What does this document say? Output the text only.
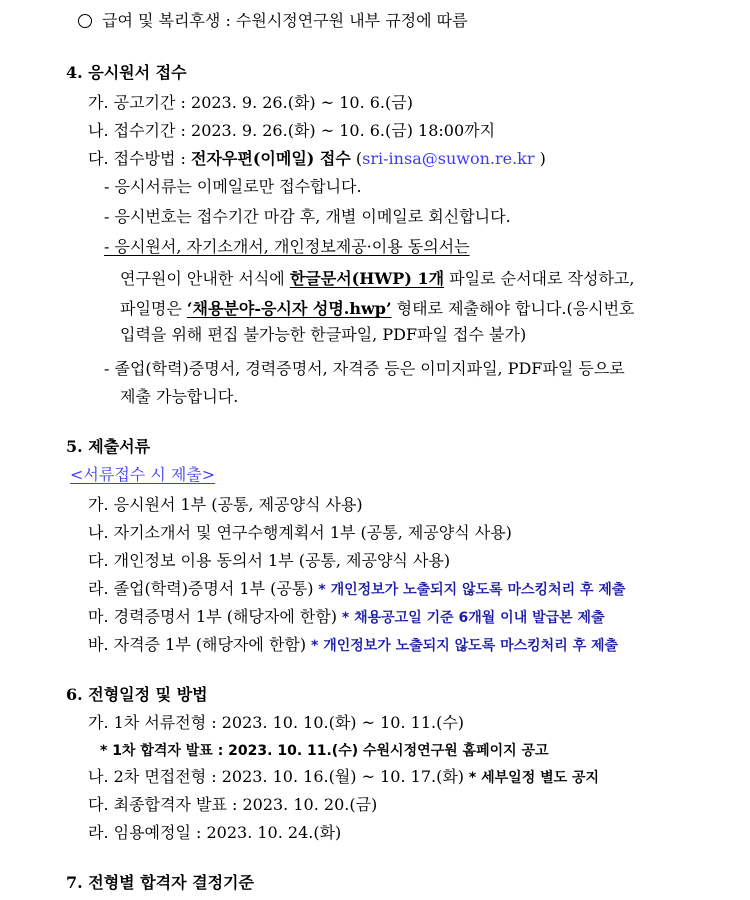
급여 및 복리후생 : 수원시정연구원 내부 규정에 따름
4. 응시원서 접수
가. 공고기간 : 2023. 9. 26.(화) ~ 10. 6.(금)
나. 접수기간 : 2023. 9. 26.(화) ~ 10. 6.(금) 18:00까지
다. 접수방법 : 전자우편(이메일) 접수 (sri-insa@suwon.re.kr )
- 응시서류는 이메일로만 접수합니다.
- 응시번호는 접수기간 마감 후, 개별 이메일로 회신합니다.
- 응시원서, 자기소개서, 개인정보제공·이용 동의서는
연구원이 안내한 서식에 한글문서(HWP) 1개 파일로 순서대로 작성하고,
파일명은 ‘채용분야-응시자 성명.hwp’ 형태로 제출해야 합니다.(응시번호
입력을 위해 편집 불가능한 한글파일, PDF파일 접수 불가)
- 졸업(학력)증명서, 경력증명서, 자격증 등은 이미지파일, PDF파일 등으로
제출 가능합니다.
5. 제출서류
<서류접수 시 제출>
가. 응시원서 1부 (공통, 제공양식 사용)
나. 자기소개서 및 연구수행계획서 1부 (공통, 제공양식 사용)
다. 개인정보 이용 동의서 1부 (공통, 제공양식 사용)
라. 졸업(학력)증명서 1부 (공통) * 개인정보가 노출되지 않도록 마스킹처리 후 제출
마. 경력증명서 1부 (해당자에 한함) * 채용공고일 기준 6개월 이내 발급본 제출
바. 자격증 1부 (해당자에 한함) * 개인정보가 노출되지 않도록 마스킹처리 후 제출
6. 전형일정 및 방법
가. 1차 서류전형 : 2023. 10. 10.(화) ~ 10. 11.(수)
* 1차 합격자 발표 : 2023. 10. 11.(수) 수원시정연구원 홈페이지 공고
나. 2차 면접전형 : 2023. 10. 16.(월) ~ 10. 17.(화) * 세부일정 별도 공지
다. 최종합격자 발표 : 2023. 10. 20.(금)
라. 임용예정일 : 2023. 10. 24.(화)
7. 전형별 합격자 결정기준
